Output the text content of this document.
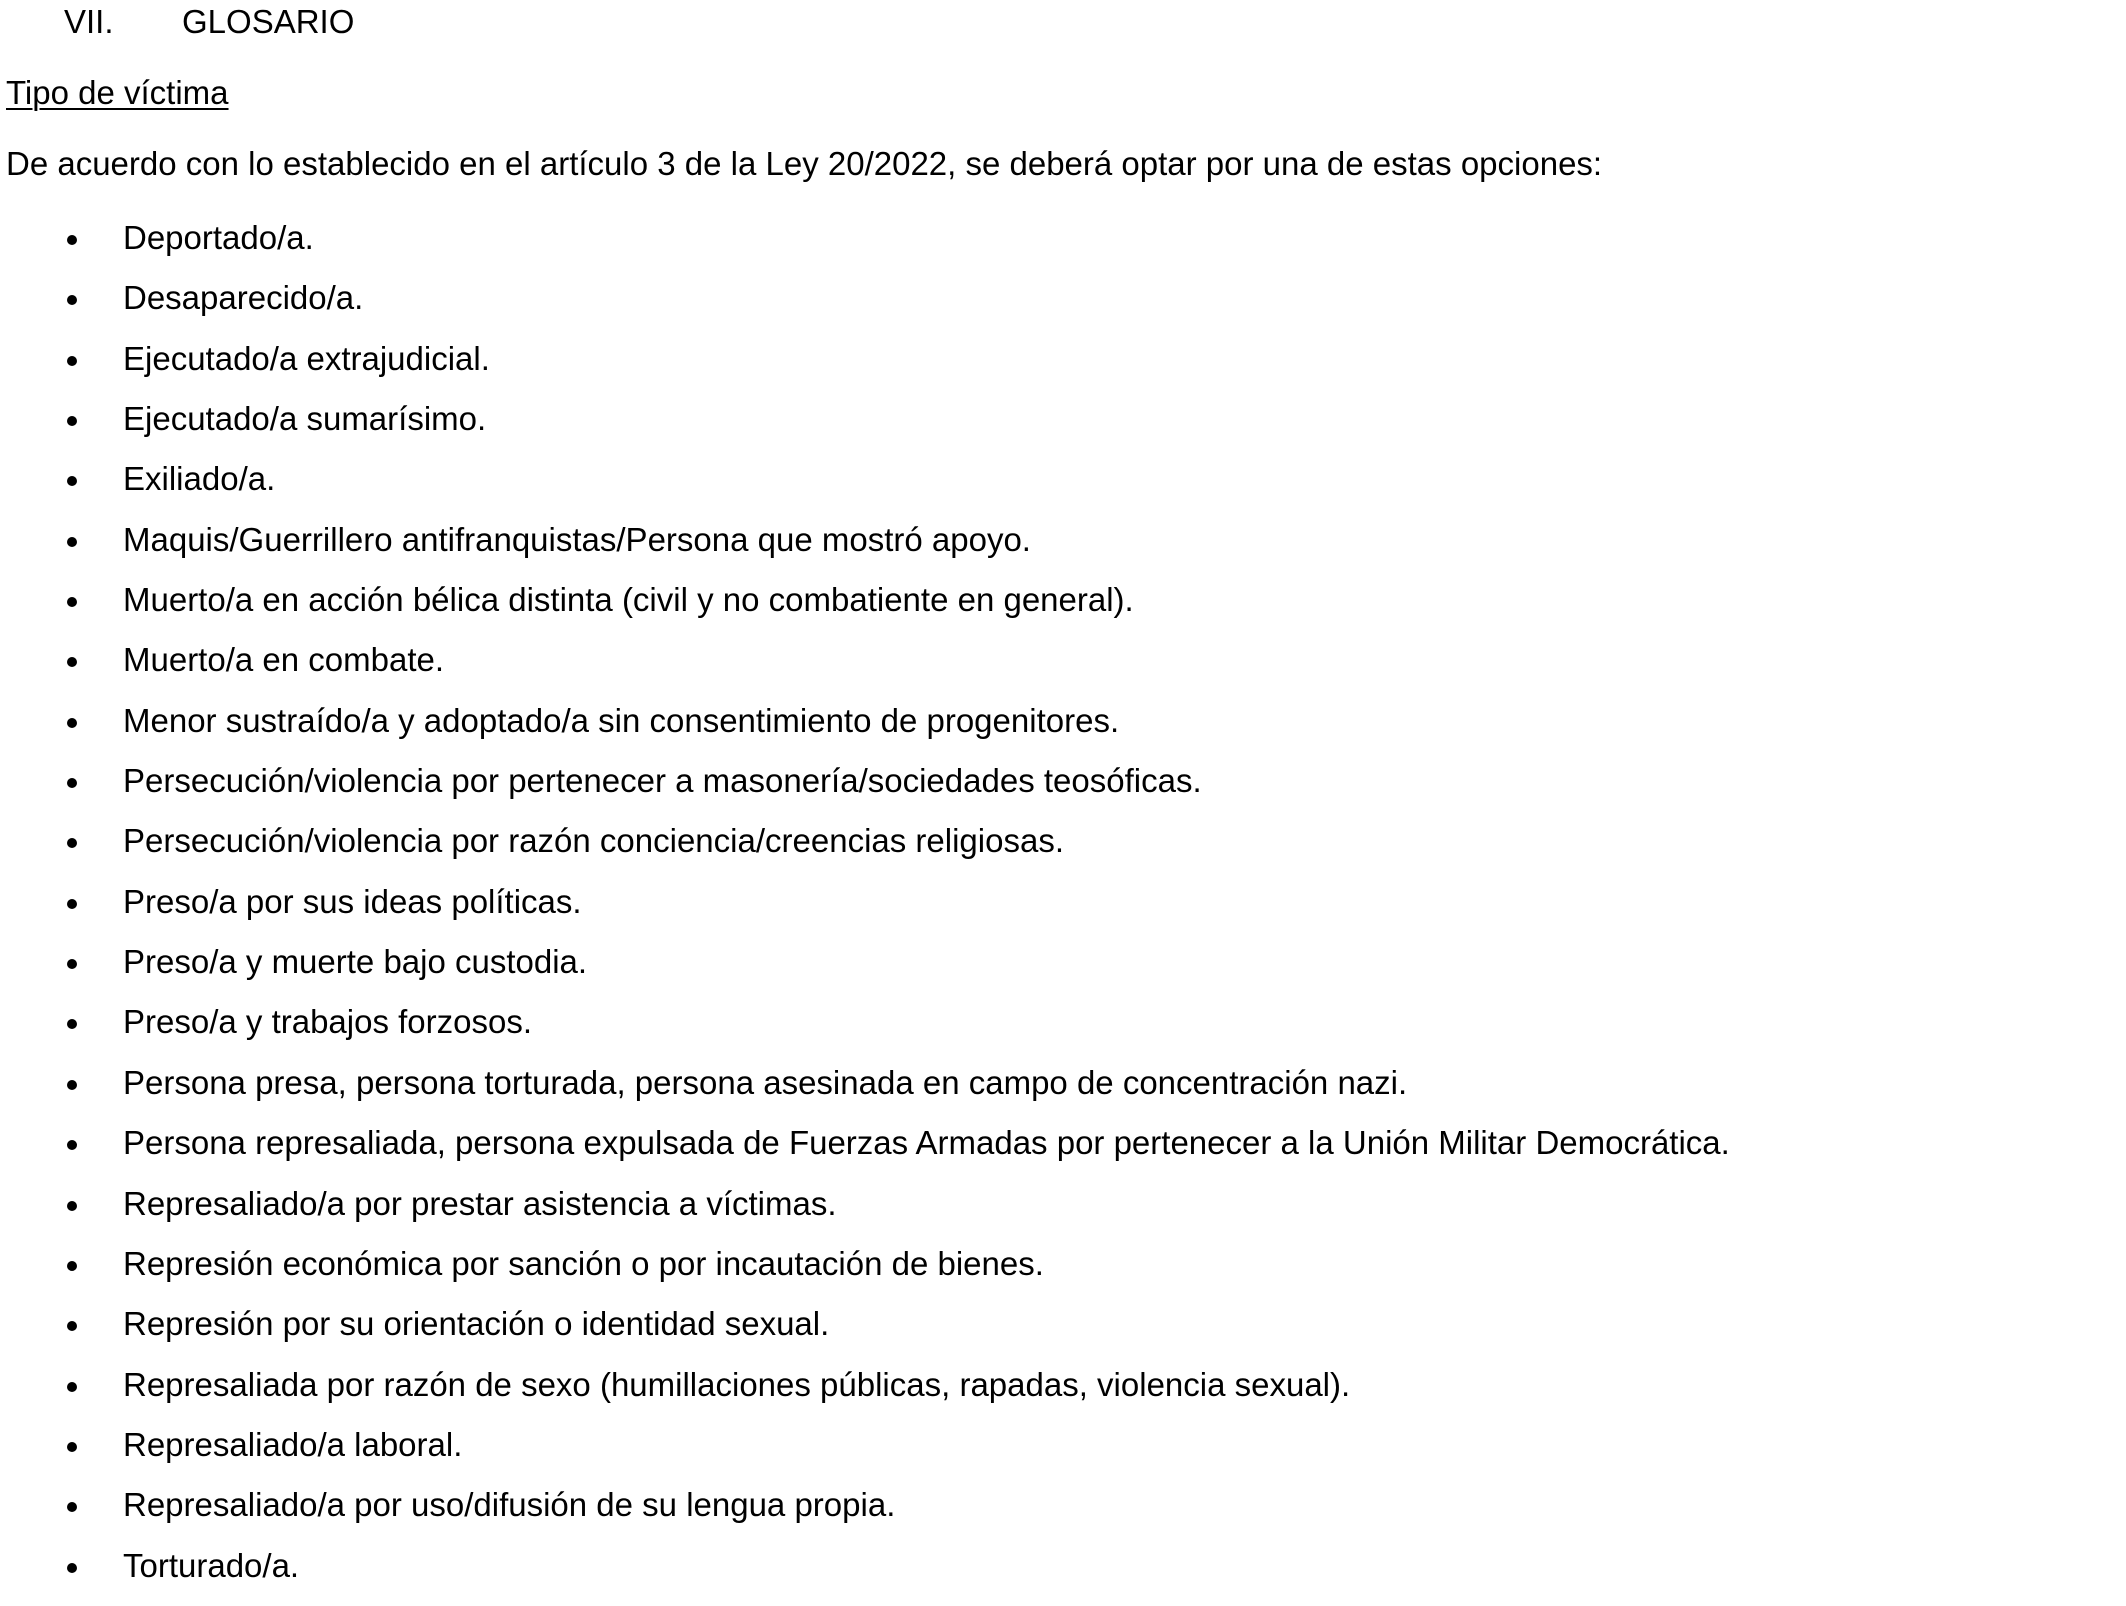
VII. GLOSARIO
Tipo de víctima
De acuerdo con lo establecido en el artículo 3 de la Ley 20/2022, se deberá optar por una de estas opciones:
Deportado/a.
Desaparecido/a.
Ejecutado/a extrajudicial.
Ejecutado/a sumarísimo.
Exiliado/a.
Maquis/Guerrillero antifranquistas/Persona que mostró apoyo.
Muerto/a en acción bélica distinta (civil y no combatiente en general).
Muerto/a en combate.
Menor sustraído/a y adoptado/a sin consentimiento de progenitores.
Persecución/violencia por pertenecer a masonería/sociedades teosóficas.
Persecución/violencia por razón conciencia/creencias religiosas.
Preso/a por sus ideas políticas.
Preso/a y muerte bajo custodia.
Preso/a y trabajos forzosos.
Persona presa, persona torturada, persona asesinada en campo de concentración nazi.
Persona represaliada, persona expulsada de Fuerzas Armadas por pertenecer a la Unión Militar Democrática.
Represaliado/a por prestar asistencia a víctimas.
Represión económica por sanción o por incautación de bienes.
Represión por su orientación o identidad sexual.
Represaliada por razón de sexo (humillaciones públicas, rapadas, violencia sexual).
Represaliado/a laboral.
Represaliado/a por uso/difusión de su lengua propia.
Torturado/a.
